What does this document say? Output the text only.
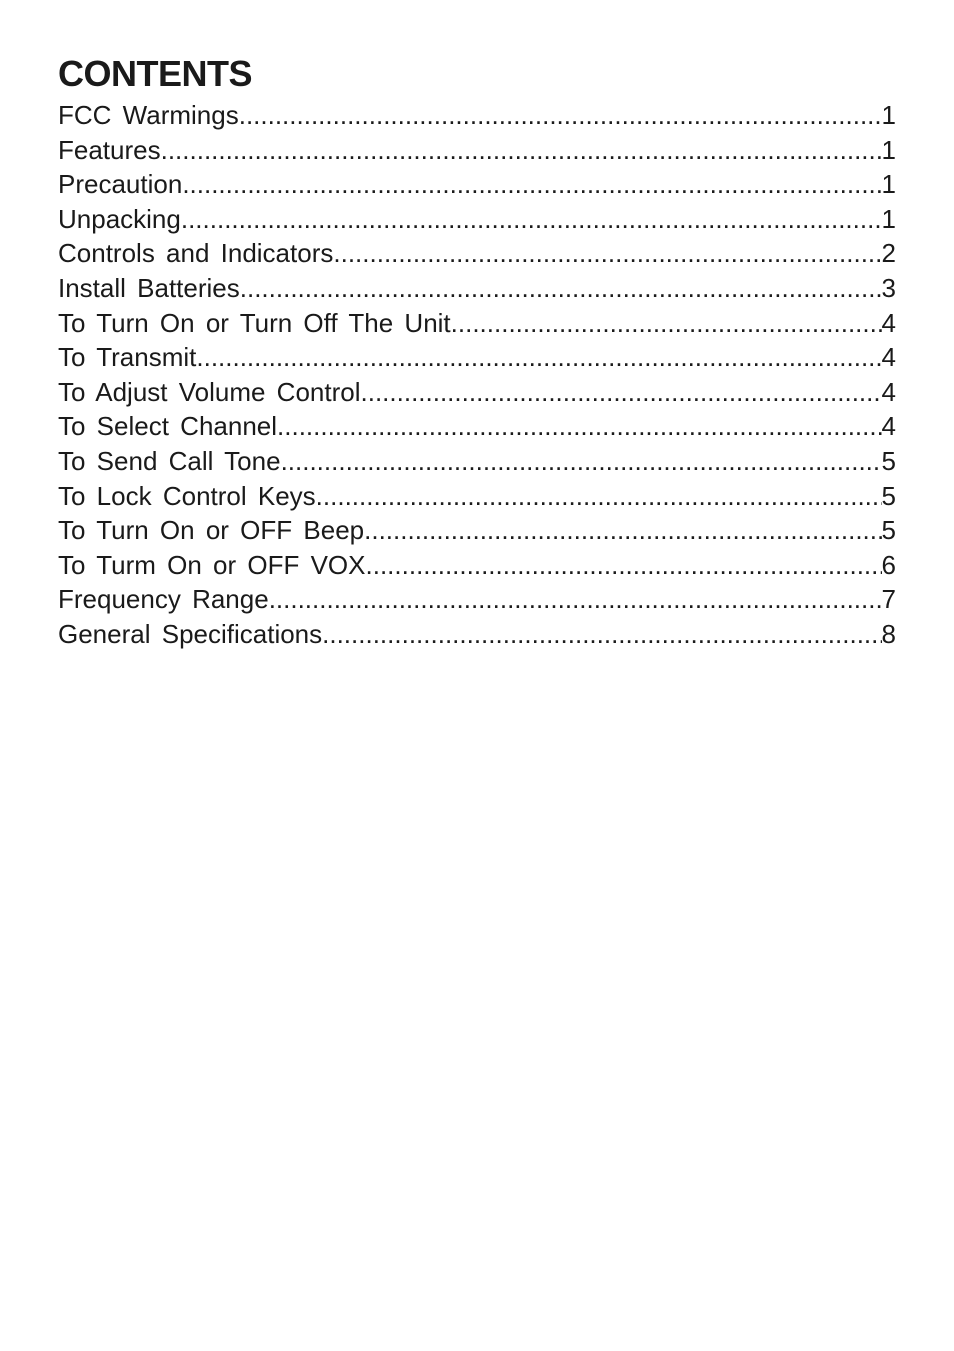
CONTENTS
FCC Warmings .....	1
Features .....	1
Precaution .....	1
Unpacking .....	1
Controls and Indicators .....	2
Install Batteries .....	3
To Turn On or Turn Off The Unit .....	4
To Transmit. .....	4
To Adjust Volume Control .....	4
To Select Channel .....	4
To Send Call Tone .....	5
To Lock Control Keys .....	5
To Turn On or OFF Beep .....	5
To Turm On or OFF VOX .....	6
Frequency Range .....	7
General Specifications .....	8
